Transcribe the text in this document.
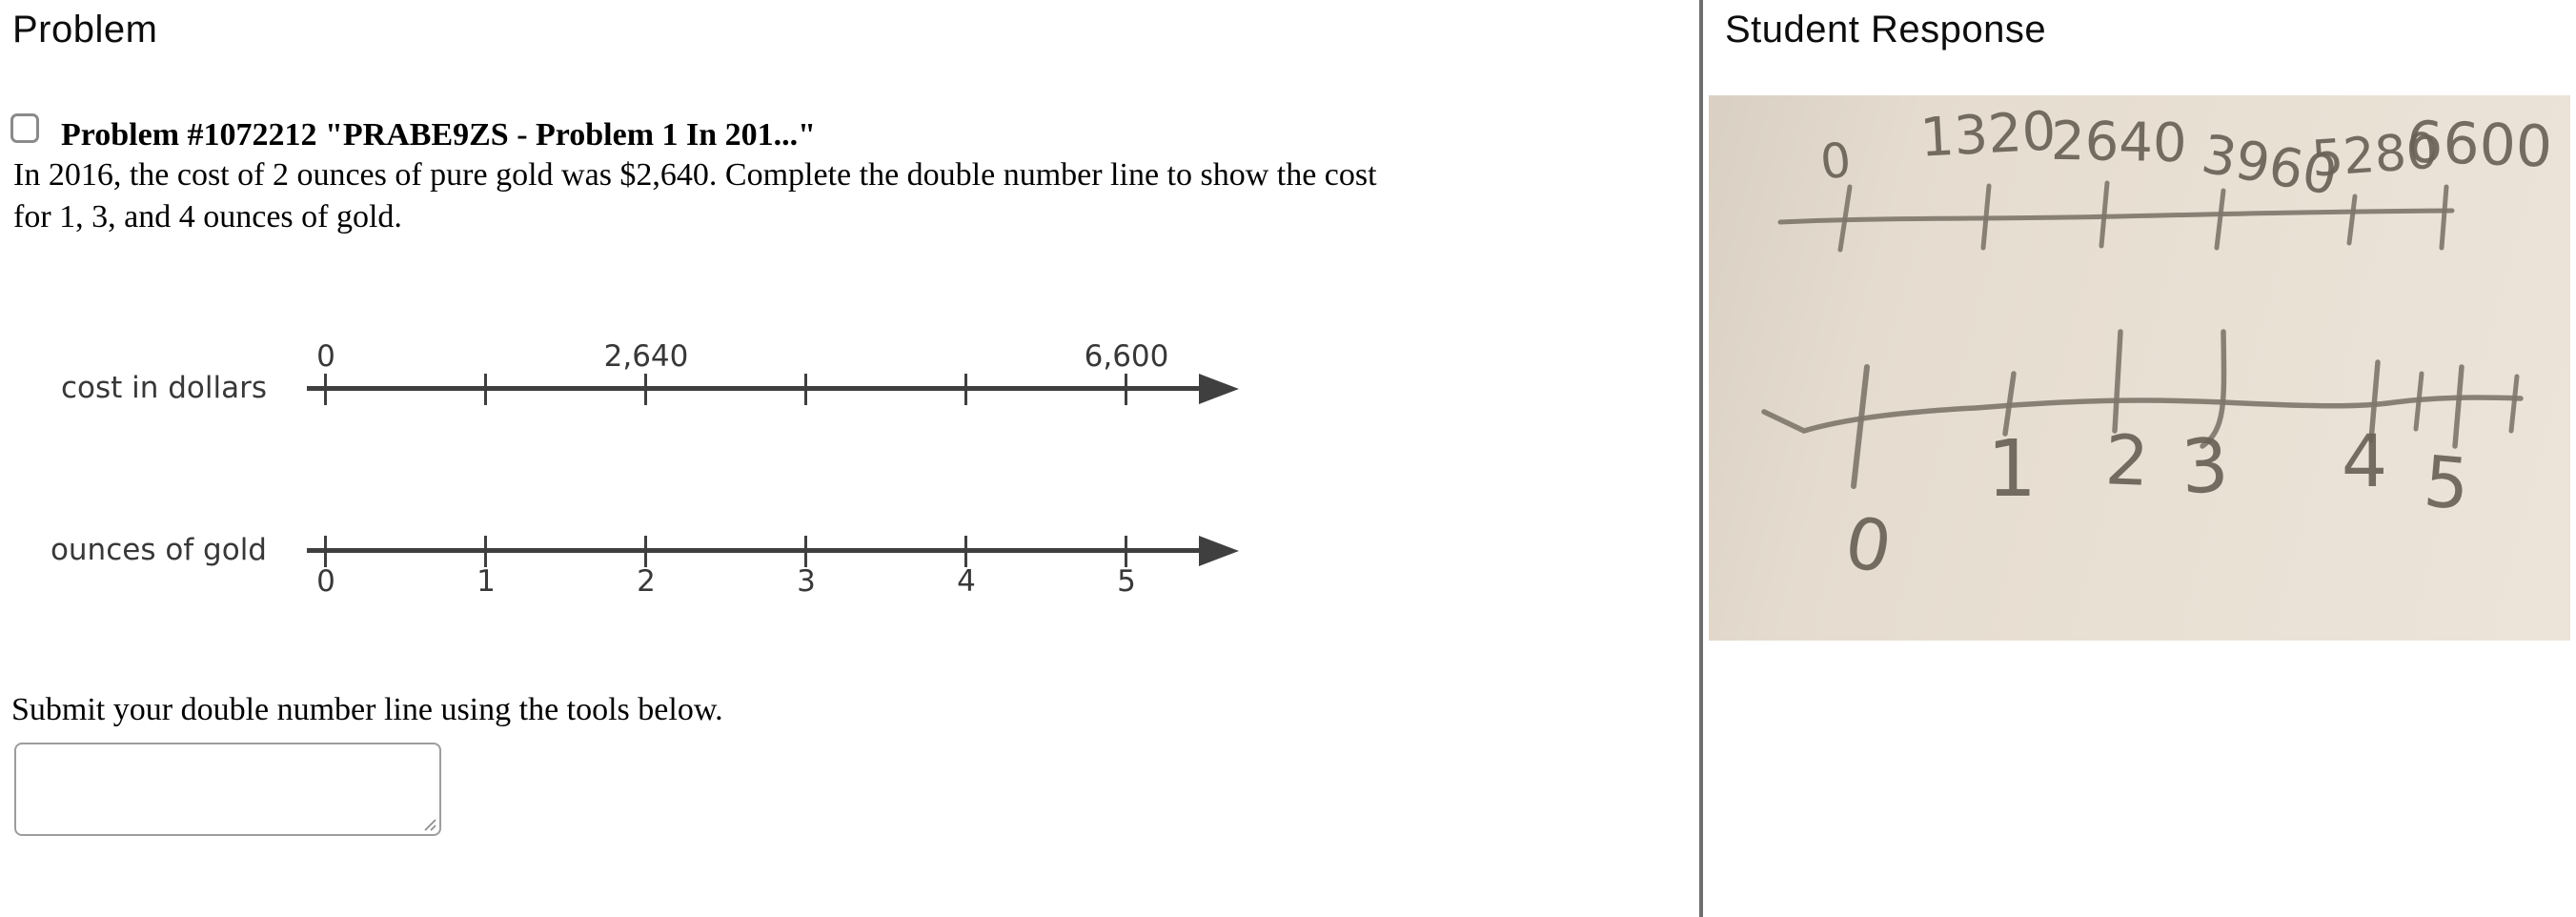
Problem
Problem #1072212 "PRABE9ZS - Problem 1 In 201..."
In 2016, the cost of 2 ounces of pure gold was $2,640. Complete the double number line to show the cost
for 1, 3, and 4 ounces of gold.
cost in dollars
ounces of gold
0	2,640	6,600
0	1	2	3	4	5
Submit your double number line using the tools below.
Student Response
0 1320
2640 3960
5280
6600
1 2 3 4 5
0
